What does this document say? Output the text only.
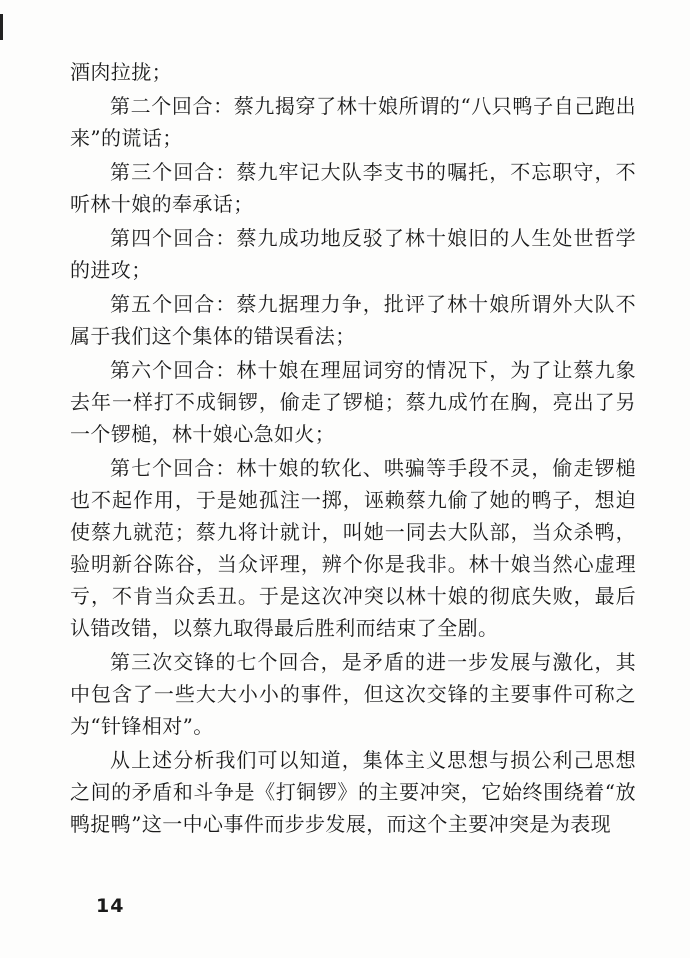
酒肉拉拢；

第二个回合：蔡九揭穿了林十娘所谓的“八只鸭子自己跑出来”的谎话；

第三个回合：蔡九牢记大队李支书的嘱托，不忘职守，不听林十娘的奉承话；

第四个回合：蔡九成功地反驳了林十娘旧的人生处世哲学的进攻；

第五个回合：蔡九据理力争，批评了林十娘所谓外大队不属于我们这个集体的错误看法；

第六个回合：林十娘在理屈词穷的情况下，为了让蔡九象去年一样打不成铜锣，偷走了锣槌；蔡九成竹在胸，亮出了另一个锣槌，林十娘心急如火；

第七个回合：林十娘的软化、哄骗等手段不灵，偷走锣槌也不起作用，于是她孤注一掷，诬赖蔡九偷了她的鸭子，想迫使蔡九就范；蔡九将计就计，叫她一同去大队部，当众杀鸭，验明新谷陈谷，当众评理，辨个你是我非。林十娘当然心虚理亏，不肯当众丢丑。于是这次冲突以林十娘的彻底失败，最后认错改错，以蔡九取得最后胜利而结束了全剧。

第三次交锋的七个回合，是矛盾的进一步发展与激化，其中包含了一些大大小小的事件，但这次交锋的主要事件可称之为“针锋相对”。

从上述分析我们可以知道，集体主义思想与损公利己思想之间的矛盾和斗争是《打铜锣》的主要冲突，它始终围绕着“放鸭捉鸭”这一中心事件而步步发展，而这个主要冲突是为表现

14
